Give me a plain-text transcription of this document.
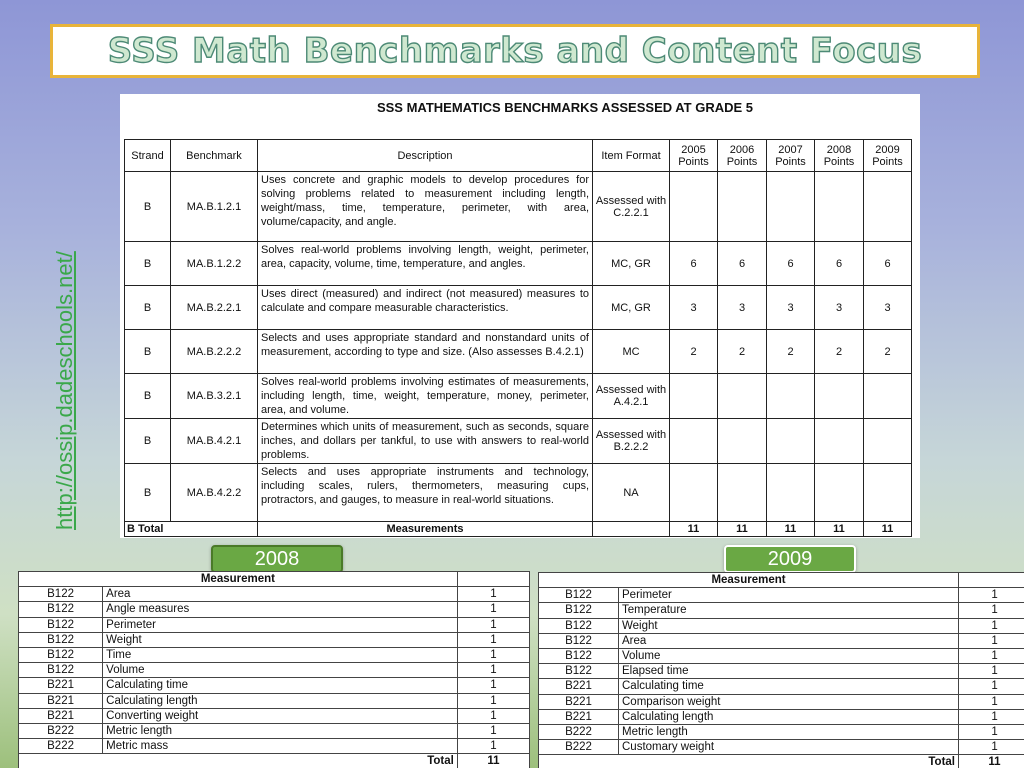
SSS Math Benchmarks and Content Focus
http://ossip.dadeschools.net/
SSS MATHEMATICS BENCHMARKS ASSESSED AT GRADE 5
Strand	Benchmark	Description	Item Format	2005 Points	2006 Points	2007 Points	2008 Points	2009 Points
B	MA.B.1.2.1	Uses concrete and graphic models to develop procedures for solving problems related to measurement including length, weight/mass, time, temperature, perimeter, with area, volume/capacity, and angle.	Assessed with C.2.2.1					
B	MA.B.1.2.2	Solves real-world problems involving length, weight, perimeter, area, capacity, volume, time, temperature, and angles.	MC, GR	6	6	6	6	6
B	MA.B.2.2.1	Uses direct (measured) and indirect (not measured) measures to calculate and compare measurable characteristics.	MC, GR	3	3	3	3	3
B	MA.B.2.2.2	Selects and uses appropriate standard and nonstandard units of measurement, according to type and size. (Also assesses B.4.2.1)	MC	2	2	2	2	2
B	MA.B.3.2.1	Solves real-world problems involving estimates of measurements, including length, time, weight, temperature, money, perimeter, area, and volume.	Assessed with A.4.2.1					
B	MA.B.4.2.1	Determines which units of measurement, such as seconds, square inches, and dollars per tankful, to use with answers to real-world problems.	Assessed with B.2.2.2					
B	MA.B.4.2.2	Selects and uses appropriate instruments and technology, including scales, rulers, thermometers, measuring cups, protractors, and gauges, to measure in real-world situations.	NA					
B Total		Measurements		11	11	11	11	11
2008	2009
Measurement		
B122	Area	1
B122	Angle measures	1
B122	Perimeter	1
B122	Weight	1
B122	Time	1
B122	Volume	1
B221	Calculating time	1
B221	Calculating length	1
B221	Converting weight	1
B222	Metric length	1
B222	Metric mass	1
Total		11
Measurement		
B122	Perimeter	1
B122	Temperature	1
B122	Weight	1
B122	Area	1
B122	Volume	1
B122	Elapsed time	1
B221	Calculating time	1
B221	Comparison weight	1
B221	Calculating length	1
B222	Metric length	1
B222	Customary weight	1
Total		11
